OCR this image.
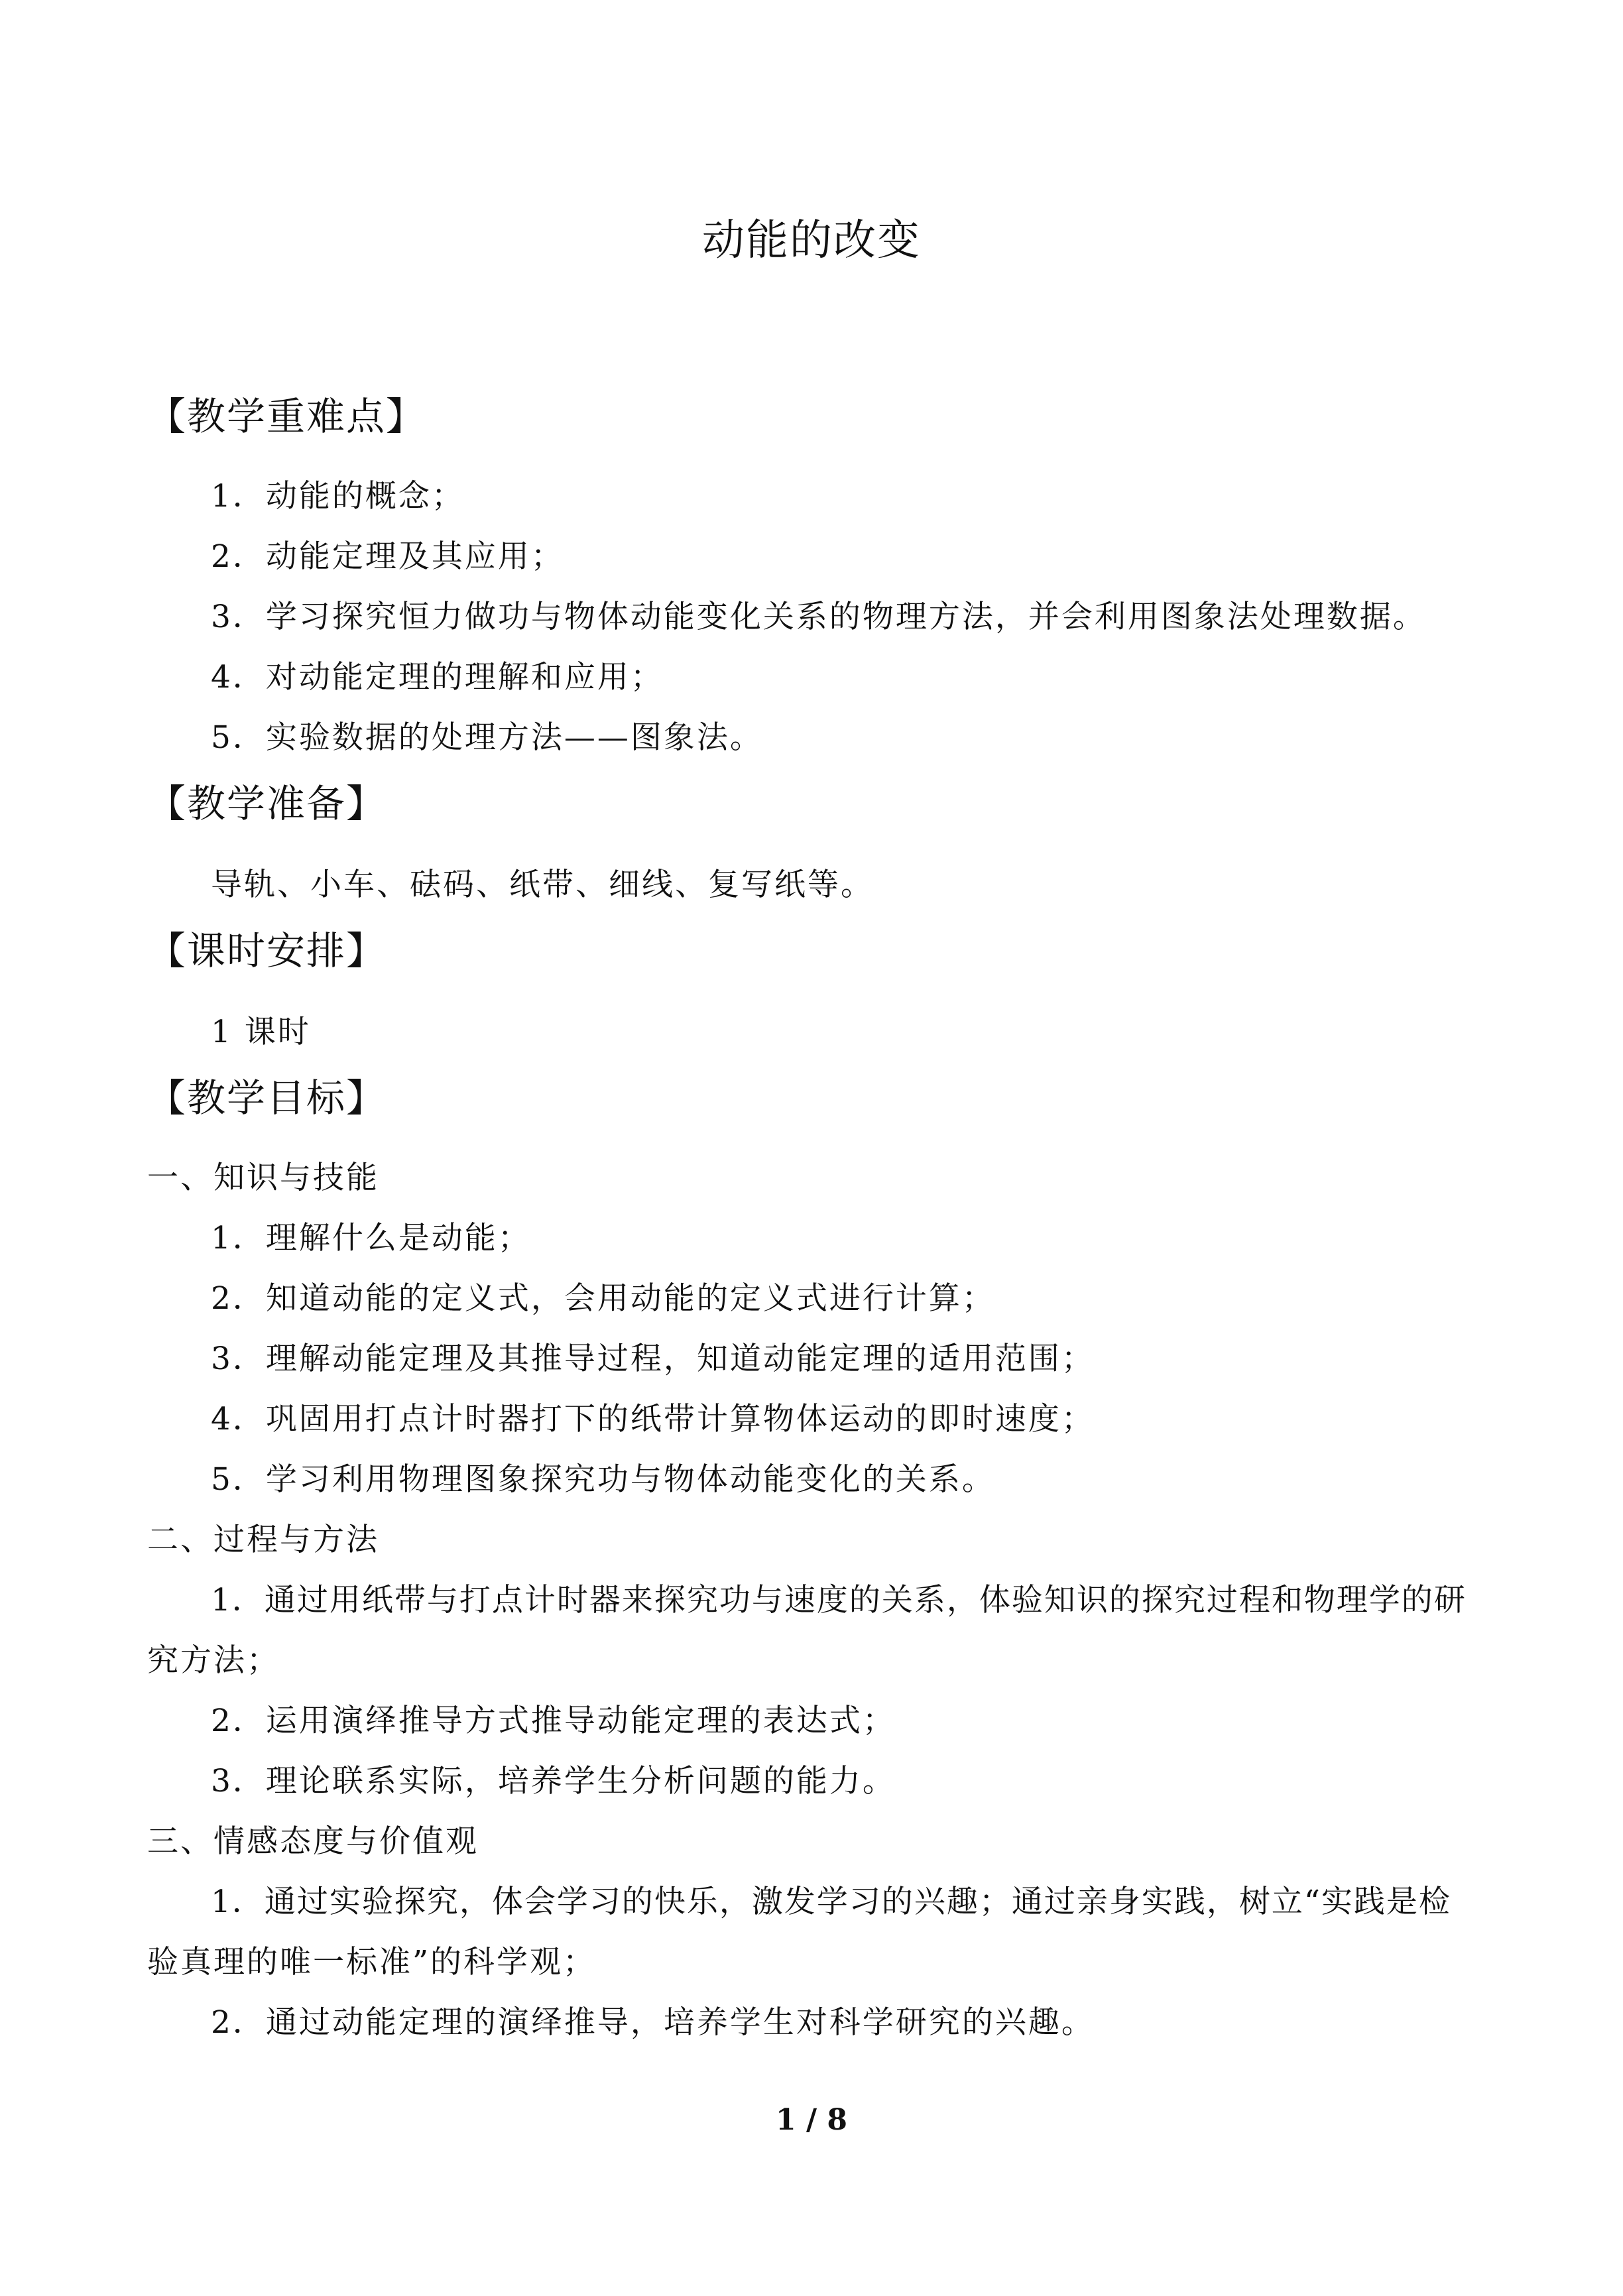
动能的改变
【教学重难点】
1．动能的概念；
2．动能定理及其应用；
3．学习探究恒力做功与物体动能变化关系的物理方法，并会利用图象法处理数据。
4．对动能定理的理解和应用；
5．实验数据的处理方法——图象法。
【教学准备】
导轨、小车、砝码、纸带、细线、复写纸等。
【课时安排】
1 课时
【教学目标】
一、知识与技能
1．理解什么是动能；
2．知道动能的定义式，会用动能的定义式进行计算；
3．理解动能定理及其推导过程，知道动能定理的适用范围；
4．巩固用打点计时器打下的纸带计算物体运动的即时速度；
5．学习利用物理图象探究功与物体动能变化的关系。
二、过程与方法
1．通过用纸带与打点计时器来探究功与速度的关系，体验知识的探究过程和物理学的研
究方法；
2．运用演绎推导方式推导动能定理的表达式；
3．理论联系实际，培养学生分析问题的能力。
三、情感态度与价值观
1．通过实验探究，体会学习的快乐，激发学习的兴趣；通过亲身实践，树立“实践是检
验真理的唯一标准”的科学观；
2．通过动能定理的演绎推导，培养学生对科学研究的兴趣。
1 / 8
